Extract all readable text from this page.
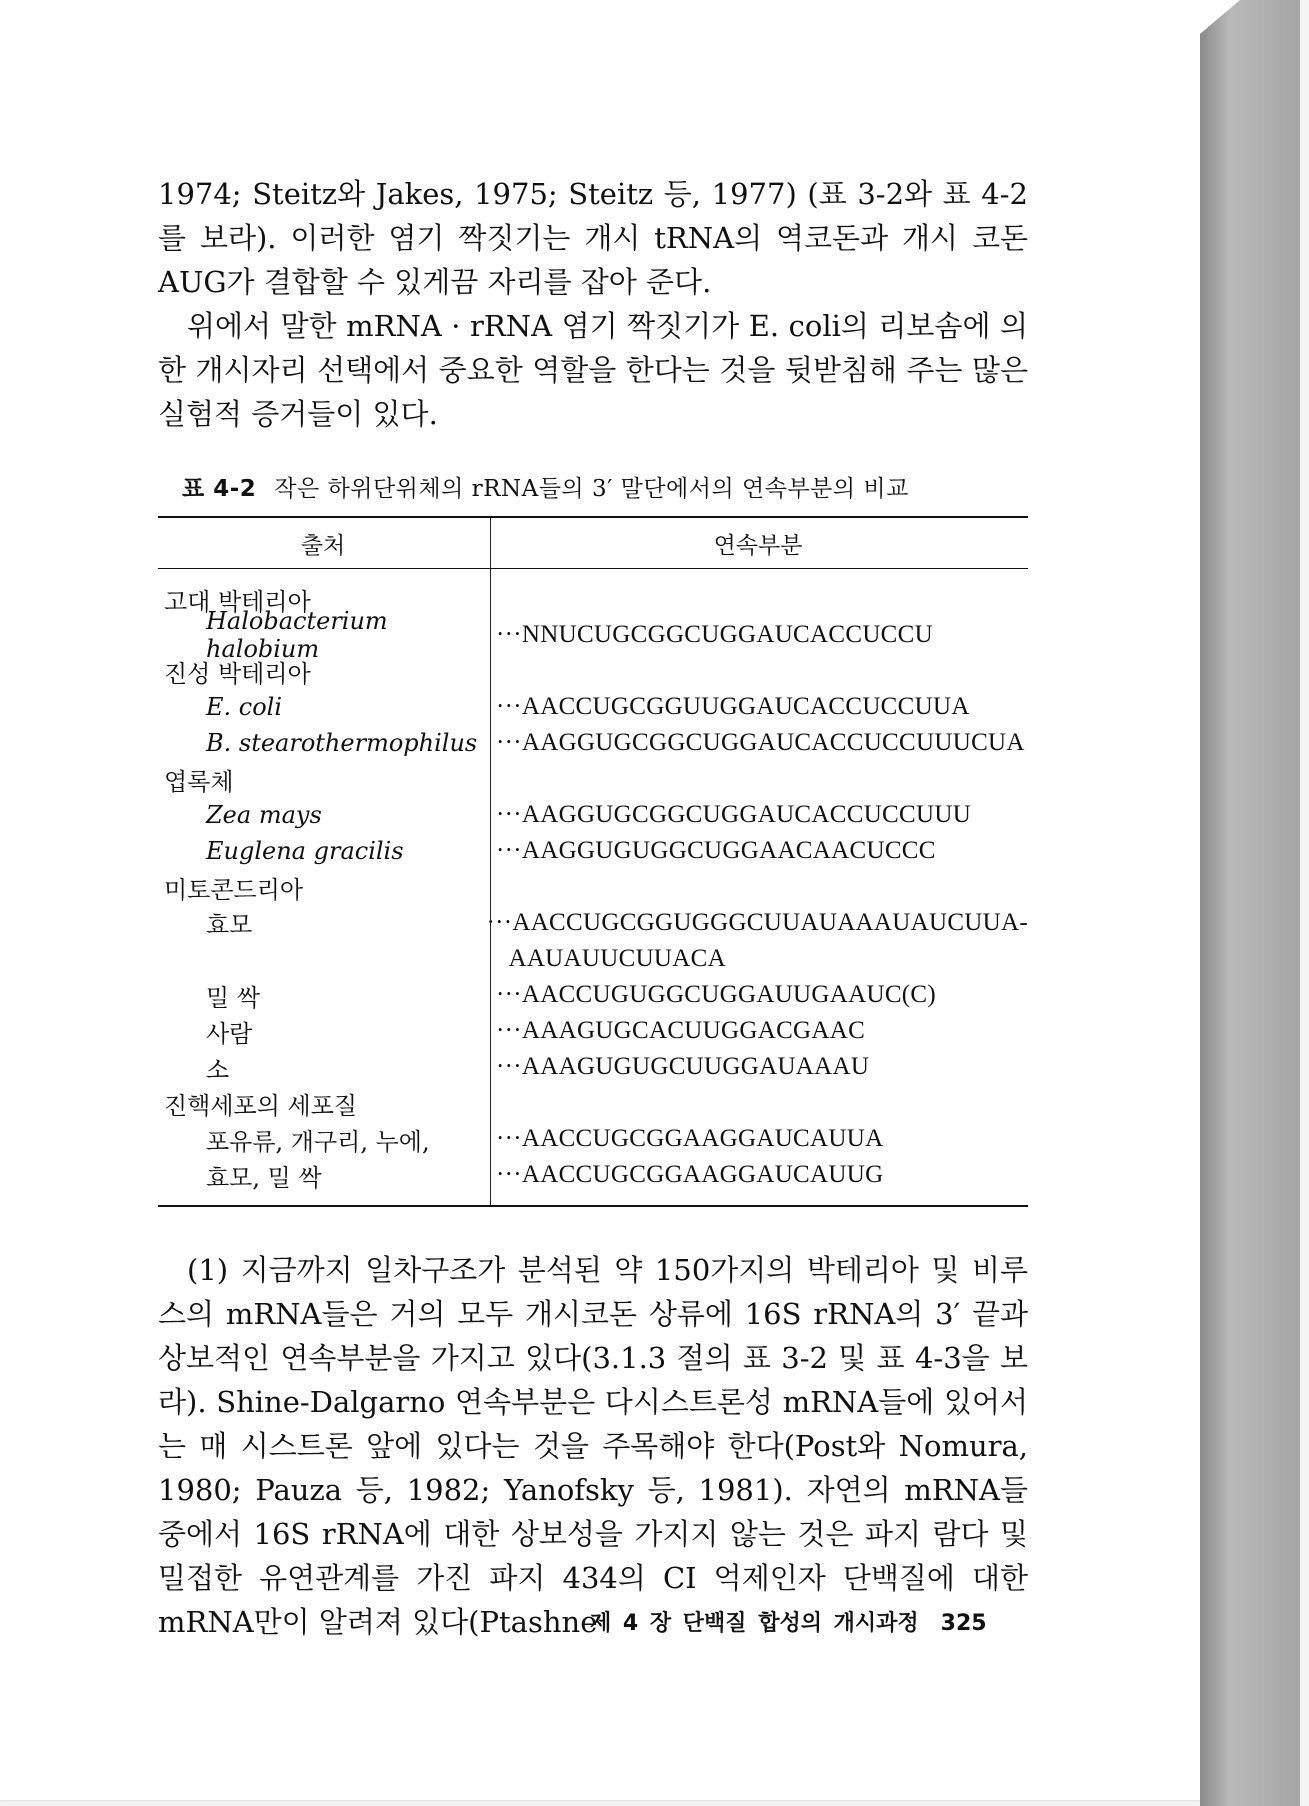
1974; Steitz와 Jakes, 1975; Steitz 등, 1977) (표 3-2와 표 4-2를 보라). 이러한 염기 짝짓기는 개시 tRNA의 역코돈과 개시 코돈 AUG가 결합할 수 있게끔 자리를 잡아 준다.

위에서 말한 mRNA · rRNA 염기 짝짓기가 E. coli의 리보솜에 의한 개시자리 선택에서 중요한 역할을 한다는 것을 뒷받침해 주는 많은 실험적 증거들이 있다.

표 4-2 작은 하위단위체의 rRNA들의 3′ 말단에서의 연속부분의 비교
출처	연속부분
고대 박테리아
Halobacterium halobium
···NNUCUGCGGCUGGAUCACCUCCU
진성 박테리아
E. coli	···AACCUGCGGUUGGAUCACCUCCUUA
B. stearothermophilus ···AAGGUGCGGCUGGAUCACCUCCUUUCUA
엽록체
Zea mays	···AAGGUGCGGCUGGAUCACCUCCUUU
Euglena gracilis	···AAGGUGUGGCUGGAACAACUCCC
미토콘드리아
효모	···AACCUGCGGUGGGCUUAUAAAUAUCUUA-
AAUAUUCUUACA
밀 싹	···AACCUGUGGCUGGAUUGAAUC(C)
사람	···AAAGUGCACUUGGACGAAC
소	···AAAGUGUGCUUGGAUAAAU
진핵세포의 세포질
포유류, 개구리, 누에,	···AACCUGCGGAAGGAUCAUUA
효모, 밀 싹	···AACCUGCGGAAGGAUCAUUG

(1) 지금까지 일차구조가 분석된 약 150가지의 박테리아 및 비루스의 mRNA들은 거의 모두 개시코돈 상류에 16S rRNA의 3′ 끝과 상보적인 연속부분을 가지고 있다(3.1.3 절의 표 3-2 및 표 4-3을 보라). Shine-Dalgarno 연속부분은 다시스트론성 mRNA들에 있어서는 매 시스트론 앞에 있다는 것을 주목해야 한다(Post와 Nomura, 1980; Pauza 등, 1982; Yanofsky 등, 1981). 자연의 mRNA들 중에서 16S rRNA에 대한 상보성을 가지지 않는 것은 파지 람다 및 밀접한 유연관계를 가진 파지 434의 CI 억제인자 단백질에 대한 mRNA만이 알려져 있다(Ptashne

제 4 장 단백질 합성의 개시과정 325
